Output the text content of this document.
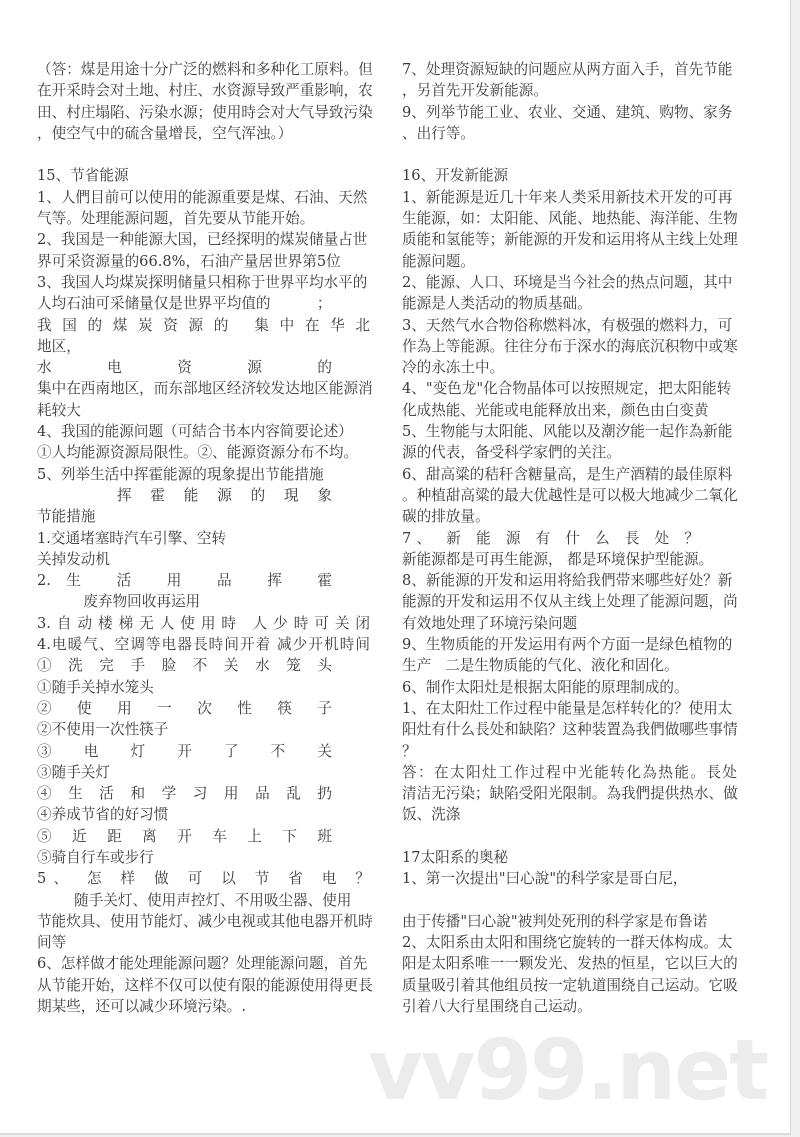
（答：煤是用途十分广泛的燃料和多种化工原料。但
在开采時会对土地、村庄、水资源导致严重影响，农
田、村庄塌陷、污染水源；使用時会对大气导致污染
，使空气中的硫含量增長，空气浑浊。）
15、节省能源
1、人們目前可以使用的能源重要是煤、石油、天然
气等。处理能源问题，首先要从节能开始。
2、我国是一种能源大国，已经探明的煤炭储量占世
界可采资源量的66.8%，石油产量居世界第5位
3、我国人均煤炭探明储量只相称于世界平均水平的
人均石油可采储量仅是世界平均值的          ；
我国的煤炭资源的 集中在华北
地区，
水 电 资 源 的
集中在西南地区，而东部地区经济较发达地区能源消
耗较大
4、我国的能源问题（可結合书本内容简要论述）
①人均能源资源局限性。②、能源资源分布不均。
5、列举生活中挥霍能源的現象提出节能措施
挥 霍 能 源 的 現 象
节能措施
1.交通堵塞時汽车引擎、空转
关掉发动机
2.生 活 用 品 挥 霍
废弃物回收再运用
3.自动楼梯无人使用時 人少時可关闭
4.电暖气、空调等电器長時间开着 减少开机時间
① 洗 完 手 脸 不 关 水 笼 头
①随手关掉水笼头
② 使 用 一 次 性 筷 子
②不使用一次性筷子
③ 电 灯 开 了 不 关
③随手关灯
④ 生 活 和 学 习 用 品 乱 扔
④养成节省的好习惯
⑤ 近 距 离 开 车 上 下 班
⑤骑自行车或步行
5、 怎 样 做 可 以 节 省 电 ？
随手关灯、使用声控灯、不用吸尘器、使用
节能炊具、使用节能灯、减少电视或其他电器开机時
间等
6、怎样做才能处理能源问题？处理能源问题，首先
从节能开始，这样不仅可以使有限的能源使用得更長
期某些，还可以减少环境污染。.
7、处理资源短缺的问题应从两方面入手，首先节能
，另首先开发新能源。
9、列举节能工业、农业、交通、建筑、购物、家务
、出行等。
16、开发新能源
1、新能源是近几十年来人类采用新技术开发的可再
生能源，如：太阳能、风能、地热能、海洋能、生物
质能和氢能等；新能源的开发和运用将从主线上处理
能源问题。
2、能源、人口、环境是当今社会的热点问题，其中
能源是人类活动的物质基础。
3、天然气水合物俗称燃料冰，有极强的燃料力，可
作為上等能源。往往分布于深水的海底沉积物中或寒
冷的永冻土中。
4、"变色龙"化合物晶体可以按照规定，把太阳能转
化成热能、光能或电能释放出来，颜色由白变黄
5、生物能与太阳能、风能以及潮汐能一起作為新能
源的代表，备受科学家們的关注。
6、甜高粱的秸秆含糖量高，是生产酒精的最佳原料
。种植甜高粱的最大优越性是可以极大地减少二氧化
碳的排放量。
7、 新 能 源 有 什 么 長 处 ？
新能源都是可再生能源， 都是环境保护型能源。
8、新能源的开发和运用将給我們带来哪些好处？新
能源的开发和运用不仅从主线上处理了能源问题，尚
有效地处理了环境污染问题
9、生物质能的开发运用有两个方面一是绿色植物的
生产   二是生物质能的气化、液化和固化。
6、制作太阳灶是根据太阳能的原理制成的。
1、在太阳灶工作过程中能量是怎样转化的？使用太
阳灶有什么長处和缺陷？这种装置為我們做哪些事情
？
答：在太阳灶工作过程中光能转化為热能。長处
清洁无污染；缺陷受阳光限制。為我們提供热水、做
饭、洗涤
17太阳系的奥秘
1、第一次提出"曰心說"的科学家是哥白尼，
由于传播"曰心說"被判处死刑的科学家是布鲁诺
2、太阳系由太阳和围绕它旋转的一群天体构成。太
阳是太阳系唯一一颗发光、发热的恒星，它以巨大的
质量吸引着其他组员按一定轨道围绕自己运动。它吸
引着八大行星围绕自己运动。
vv99.net
